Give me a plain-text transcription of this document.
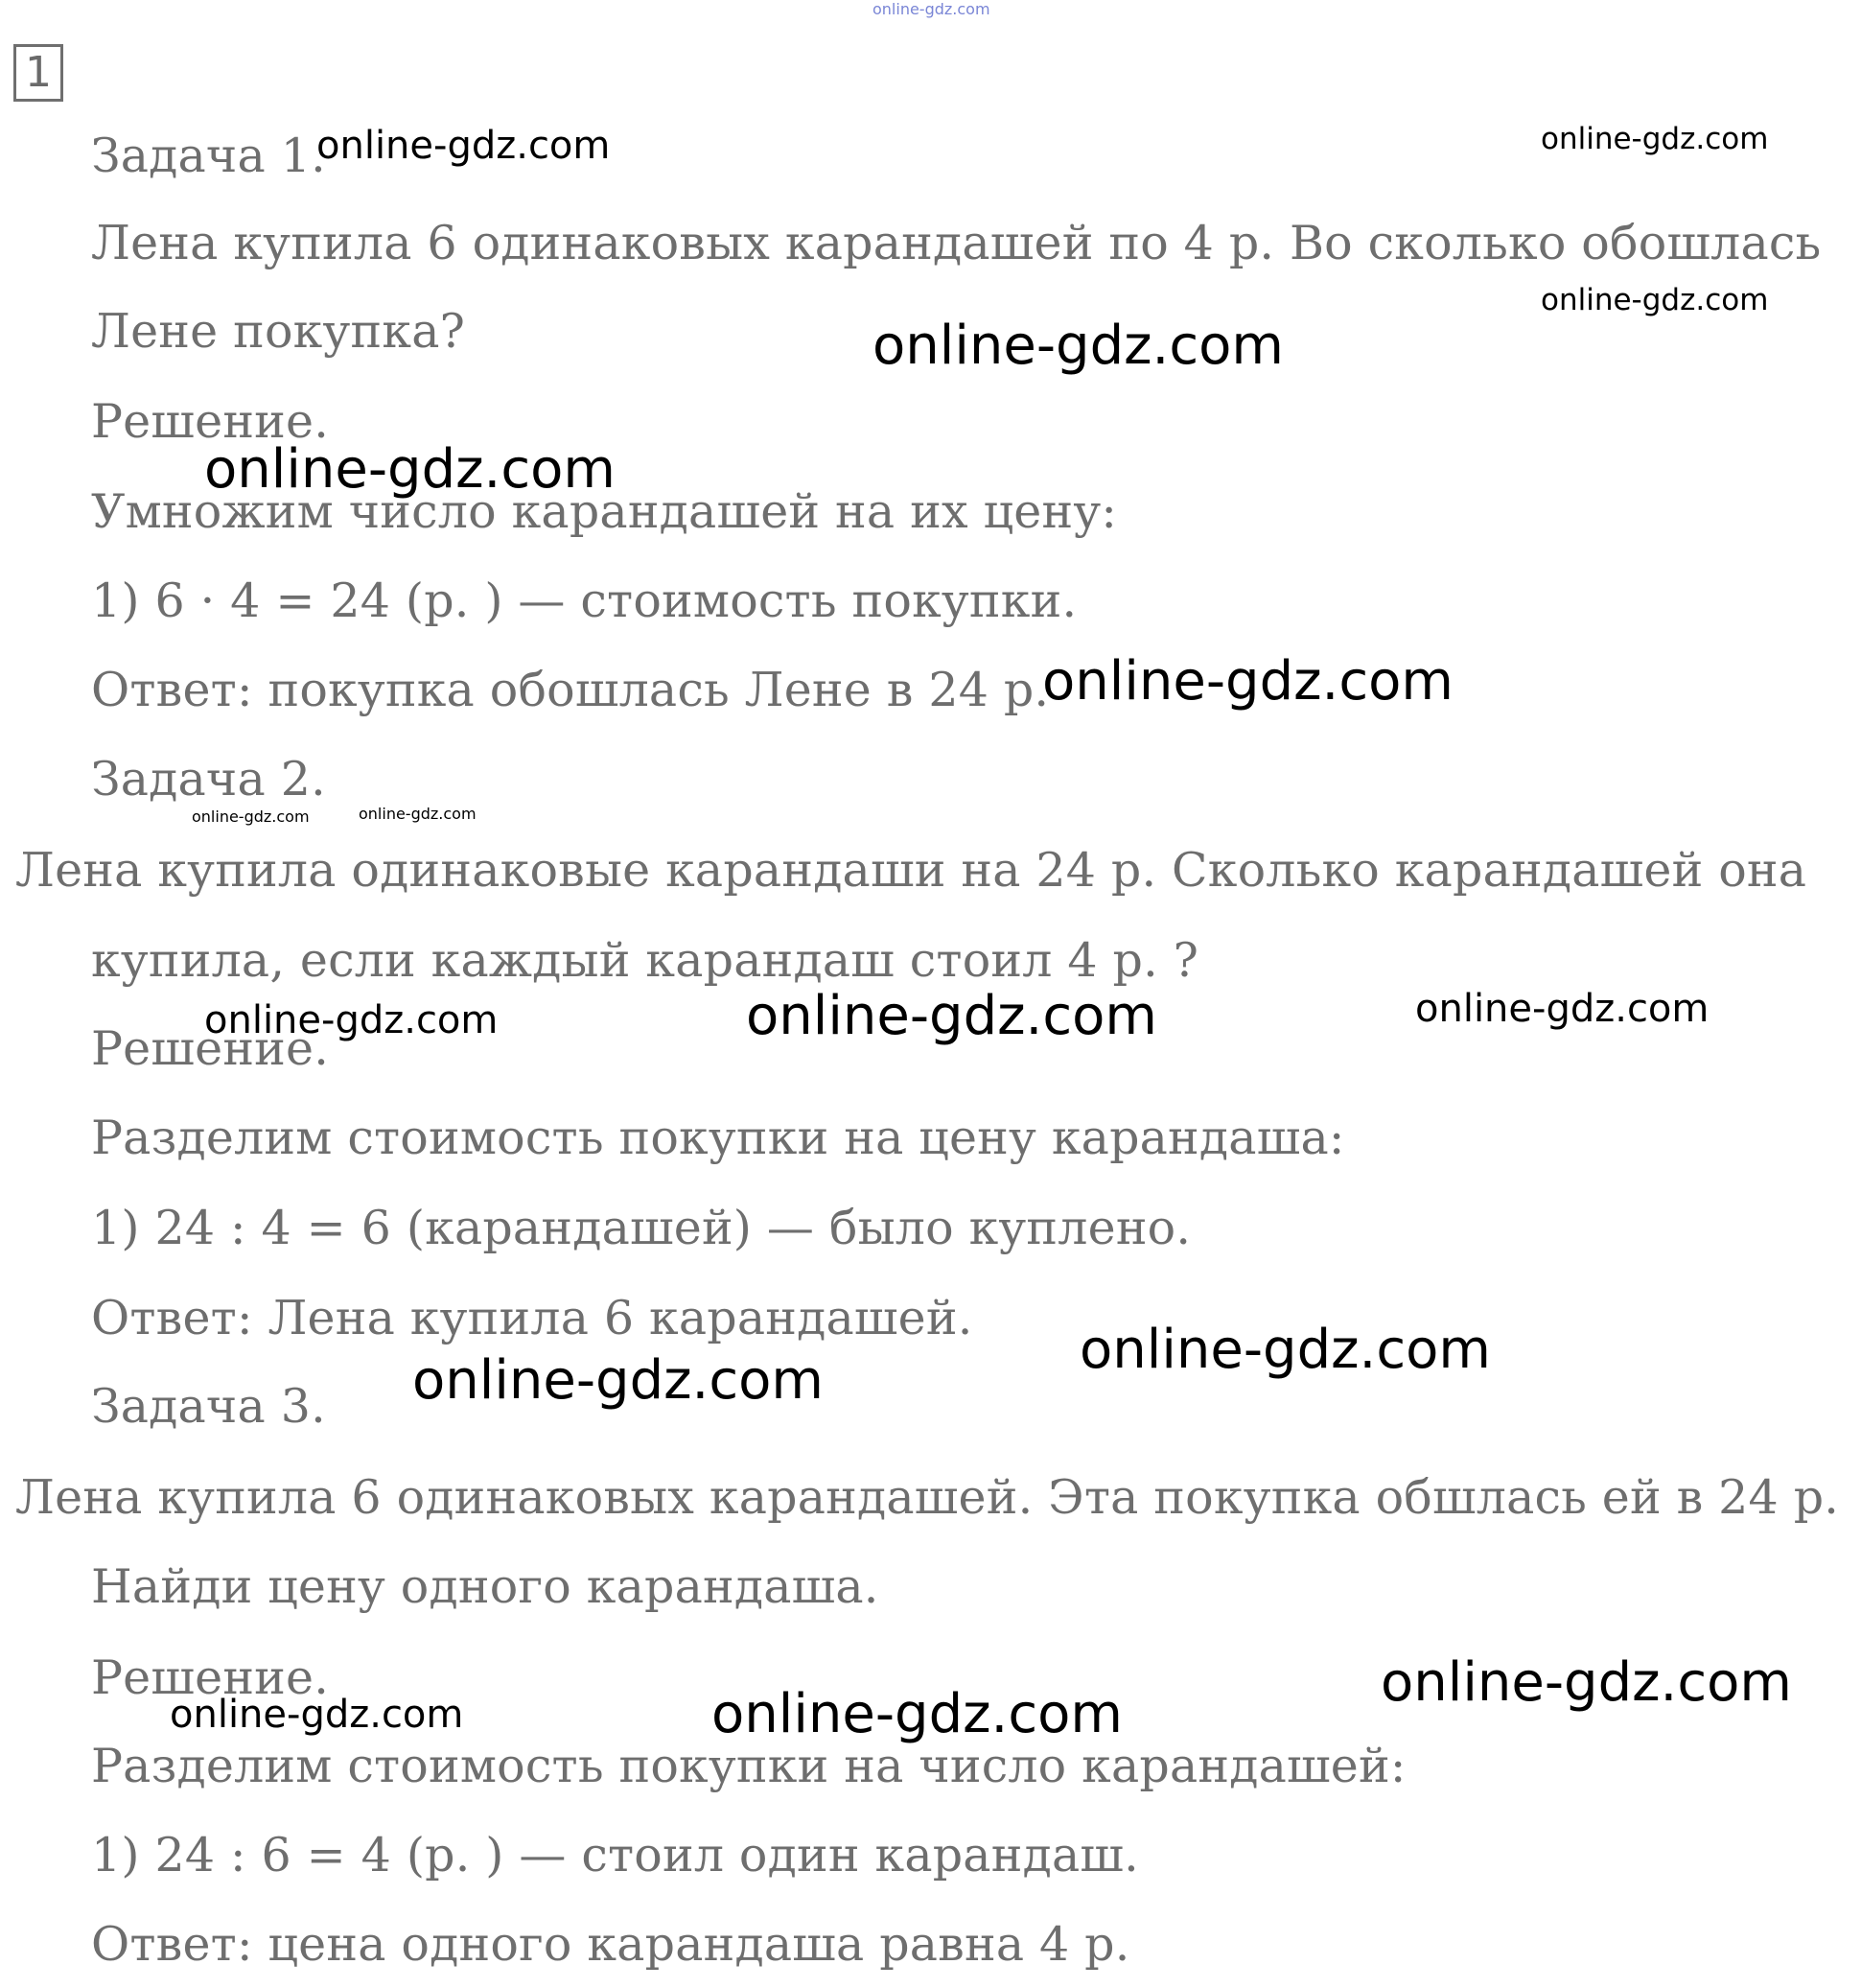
1
Задача 1.
Лена купила 6 одинаковых карандашей по 4 р. Во сколько обошлась
Лене покупка?
Решение.
Умножим число карандашей на их цену:
1) 6 · 4 = 24 (р. ) — стоимость покупки.
Ответ: покупка обошлась Лене в 24 р.
Задача 2.
Лена купила одинаковые карандаши на 24 р. Сколько карандашей она
купила, если каждый карандаш стоил 4 р. ?
Решение.
Разделим стоимость покупки на цену карандаша:
1) 24 : 4 = 6 (карандашей) — было куплено.
Ответ: Лена купила 6 карандашей.
Задача 3.
Лена купила 6 одинаковых карандашей. Эта покупка обшлась ей в 24 р.
Найди цену одного карандаша.
Решение.
Разделим стоимость покупки на число карандашей:
1) 24 : 6 = 4 (р. ) — стоил один карандаш.
Ответ: цена одного карандаша равна 4 р.
online-gdz.com
online-gdz.com	online-gdz.com
online-gdz.com
online-gdz.com
online-gdz.com
online-gdz.com
online-gdz.com	online-gdz.com
online-gdz.com	online-gdz.com	online-gdz.com
online-gdz.com
online-gdz.com
online-gdz.com
online-gdz.com
online-gdz.com
